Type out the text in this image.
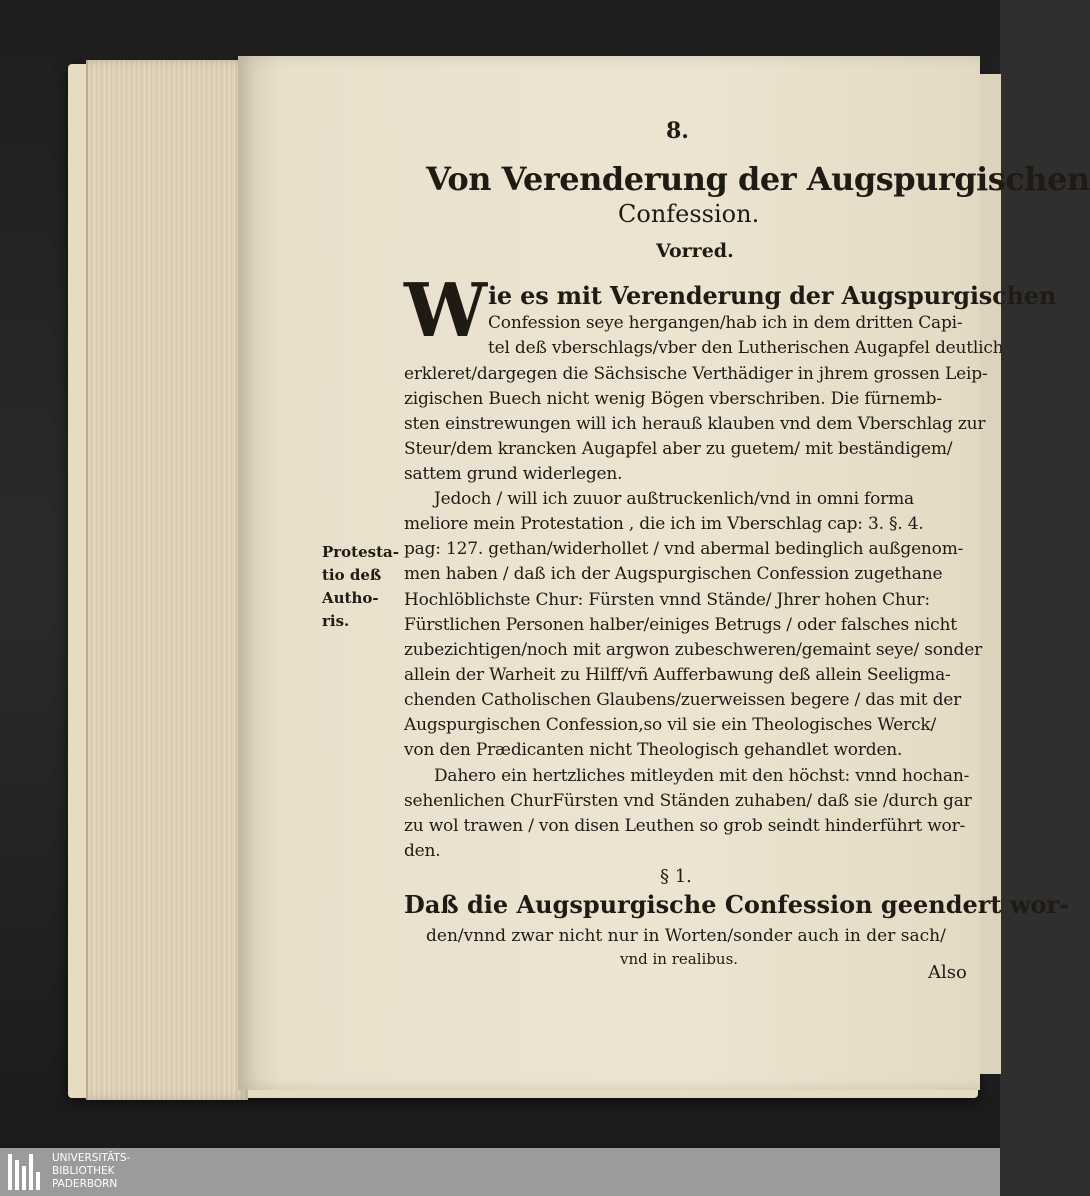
8.
Von Verenderung der Augspurgischen
Confession.
Vorred.
W ie es mit Verenderung der Augspurgischen
Confession seye hergangen/hab ich in dem dritten Capi-
tel deß vberschlags/vber den Lutherischen Augapfel deutlich
erkleret/dargegen die Sächsische Verthädiger in jhrem grossen Leip-
zigischen Buech nicht wenig Bögen vberschriben. Die fürnemb-
sten einstrewungen will ich herauß klauben vnd dem Vberschlag zur
Steur/dem krancken Augapfel aber zu guetem/ mit beständigem/
sattem grund widerlegen.
Jedoch / will ich zuuor außtruckenlich/vnd in omni forma
meliore mein Protestation , die ich im Vberschlag cap: 3. §. 4.
pag: 127. gethan/widerhollet / vnd abermal bedinglich außgenom-
men haben / daß ich der Augspurgischen Confession zugethane
Hochlöblichste Chur: Fürsten vnnd Stände/ Jhrer hohen Chur:
Fürstlichen Personen halber/einiges Betrugs / oder falsches nicht
zubezichtigen/noch mit argwon zubeschweren/gemaint seye/ sonder
allein der Warheit zu Hilff/vñ Aufferbawung deß allein Seeligma-
chenden Catholischen Glaubens/zuerweissen begere / das mit der
Augspurgischen Confession,so vil sie ein Theologisches Werck/
von den Prædicanten nicht Theologisch gehandlet worden.
Protesta-
tio deß
Autho-
ris.
Dahero ein hertzliches mitleyden mit den höchst: vnnd hochan-
sehenlichen ChurFürsten vnd Ständen zuhaben/ daß sie /durch gar
zu wol trawen / von disen Leuthen so grob seindt hinderführt wor-
den.
§ 1.
Daß die Augspurgische Confession geendert wor-
den/vnnd zwar nicht nur in Worten/sonder auch in der sach/
vnd in realibus.
Also
UNIVERSITÄTS-
BIBLIOTHEK
PADERBORN
